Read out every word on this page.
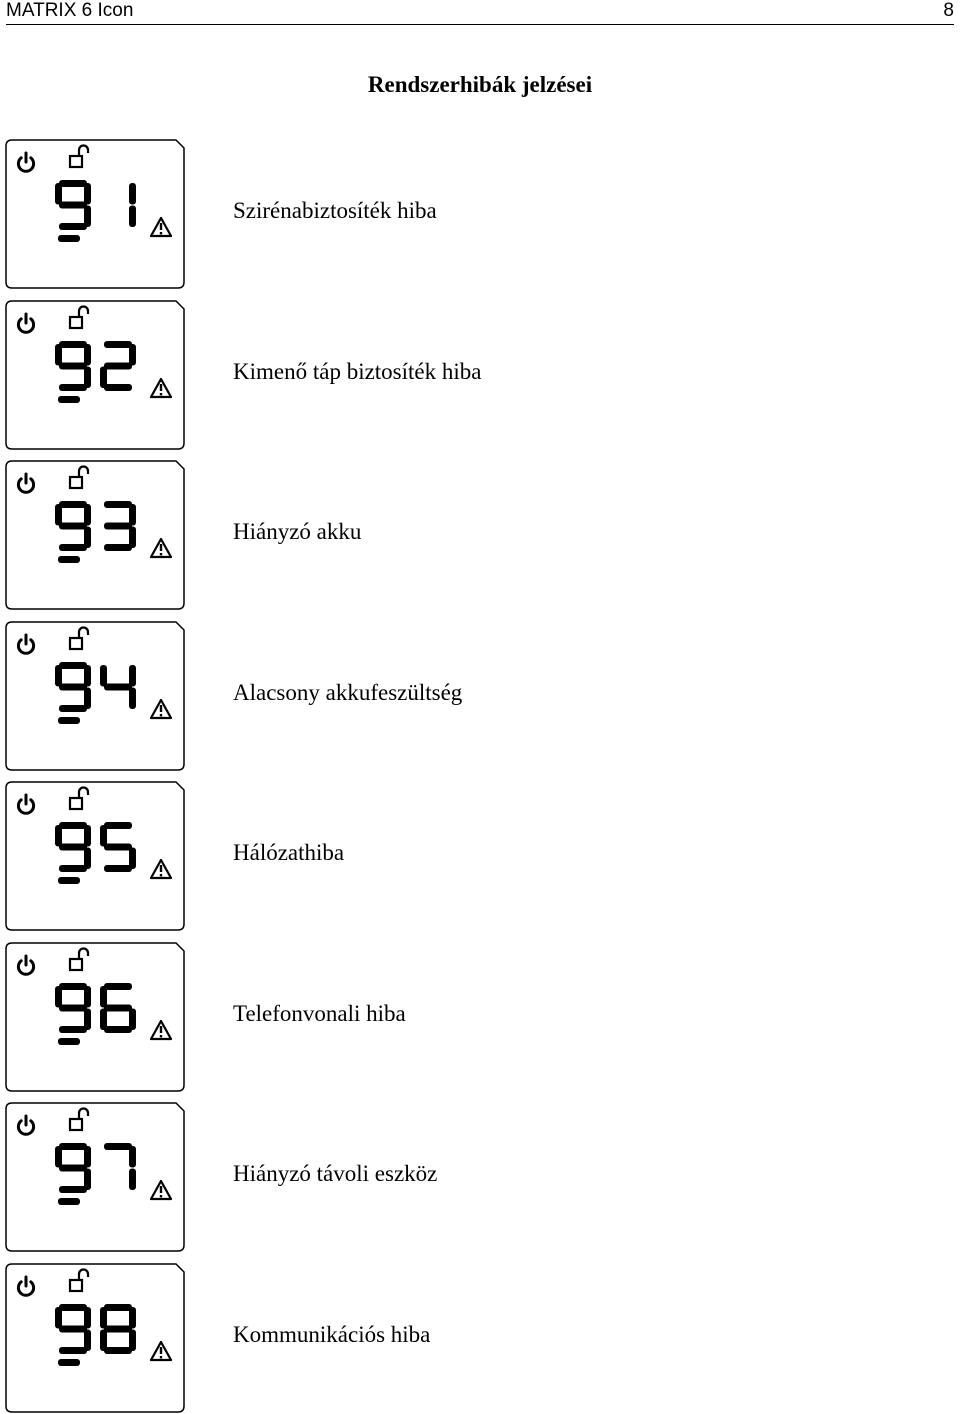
MATRIX 6 Icon	8
Rendszerhibák jelzései
Szirénabiztosíték hiba
Kimenő táp biztosíték hiba
Hiányzó akku
Alacsony akkufeszültség
Hálózathiba
Telefonvonali hiba
Hiányzó távoli eszköz
Kommunikációs hiba
